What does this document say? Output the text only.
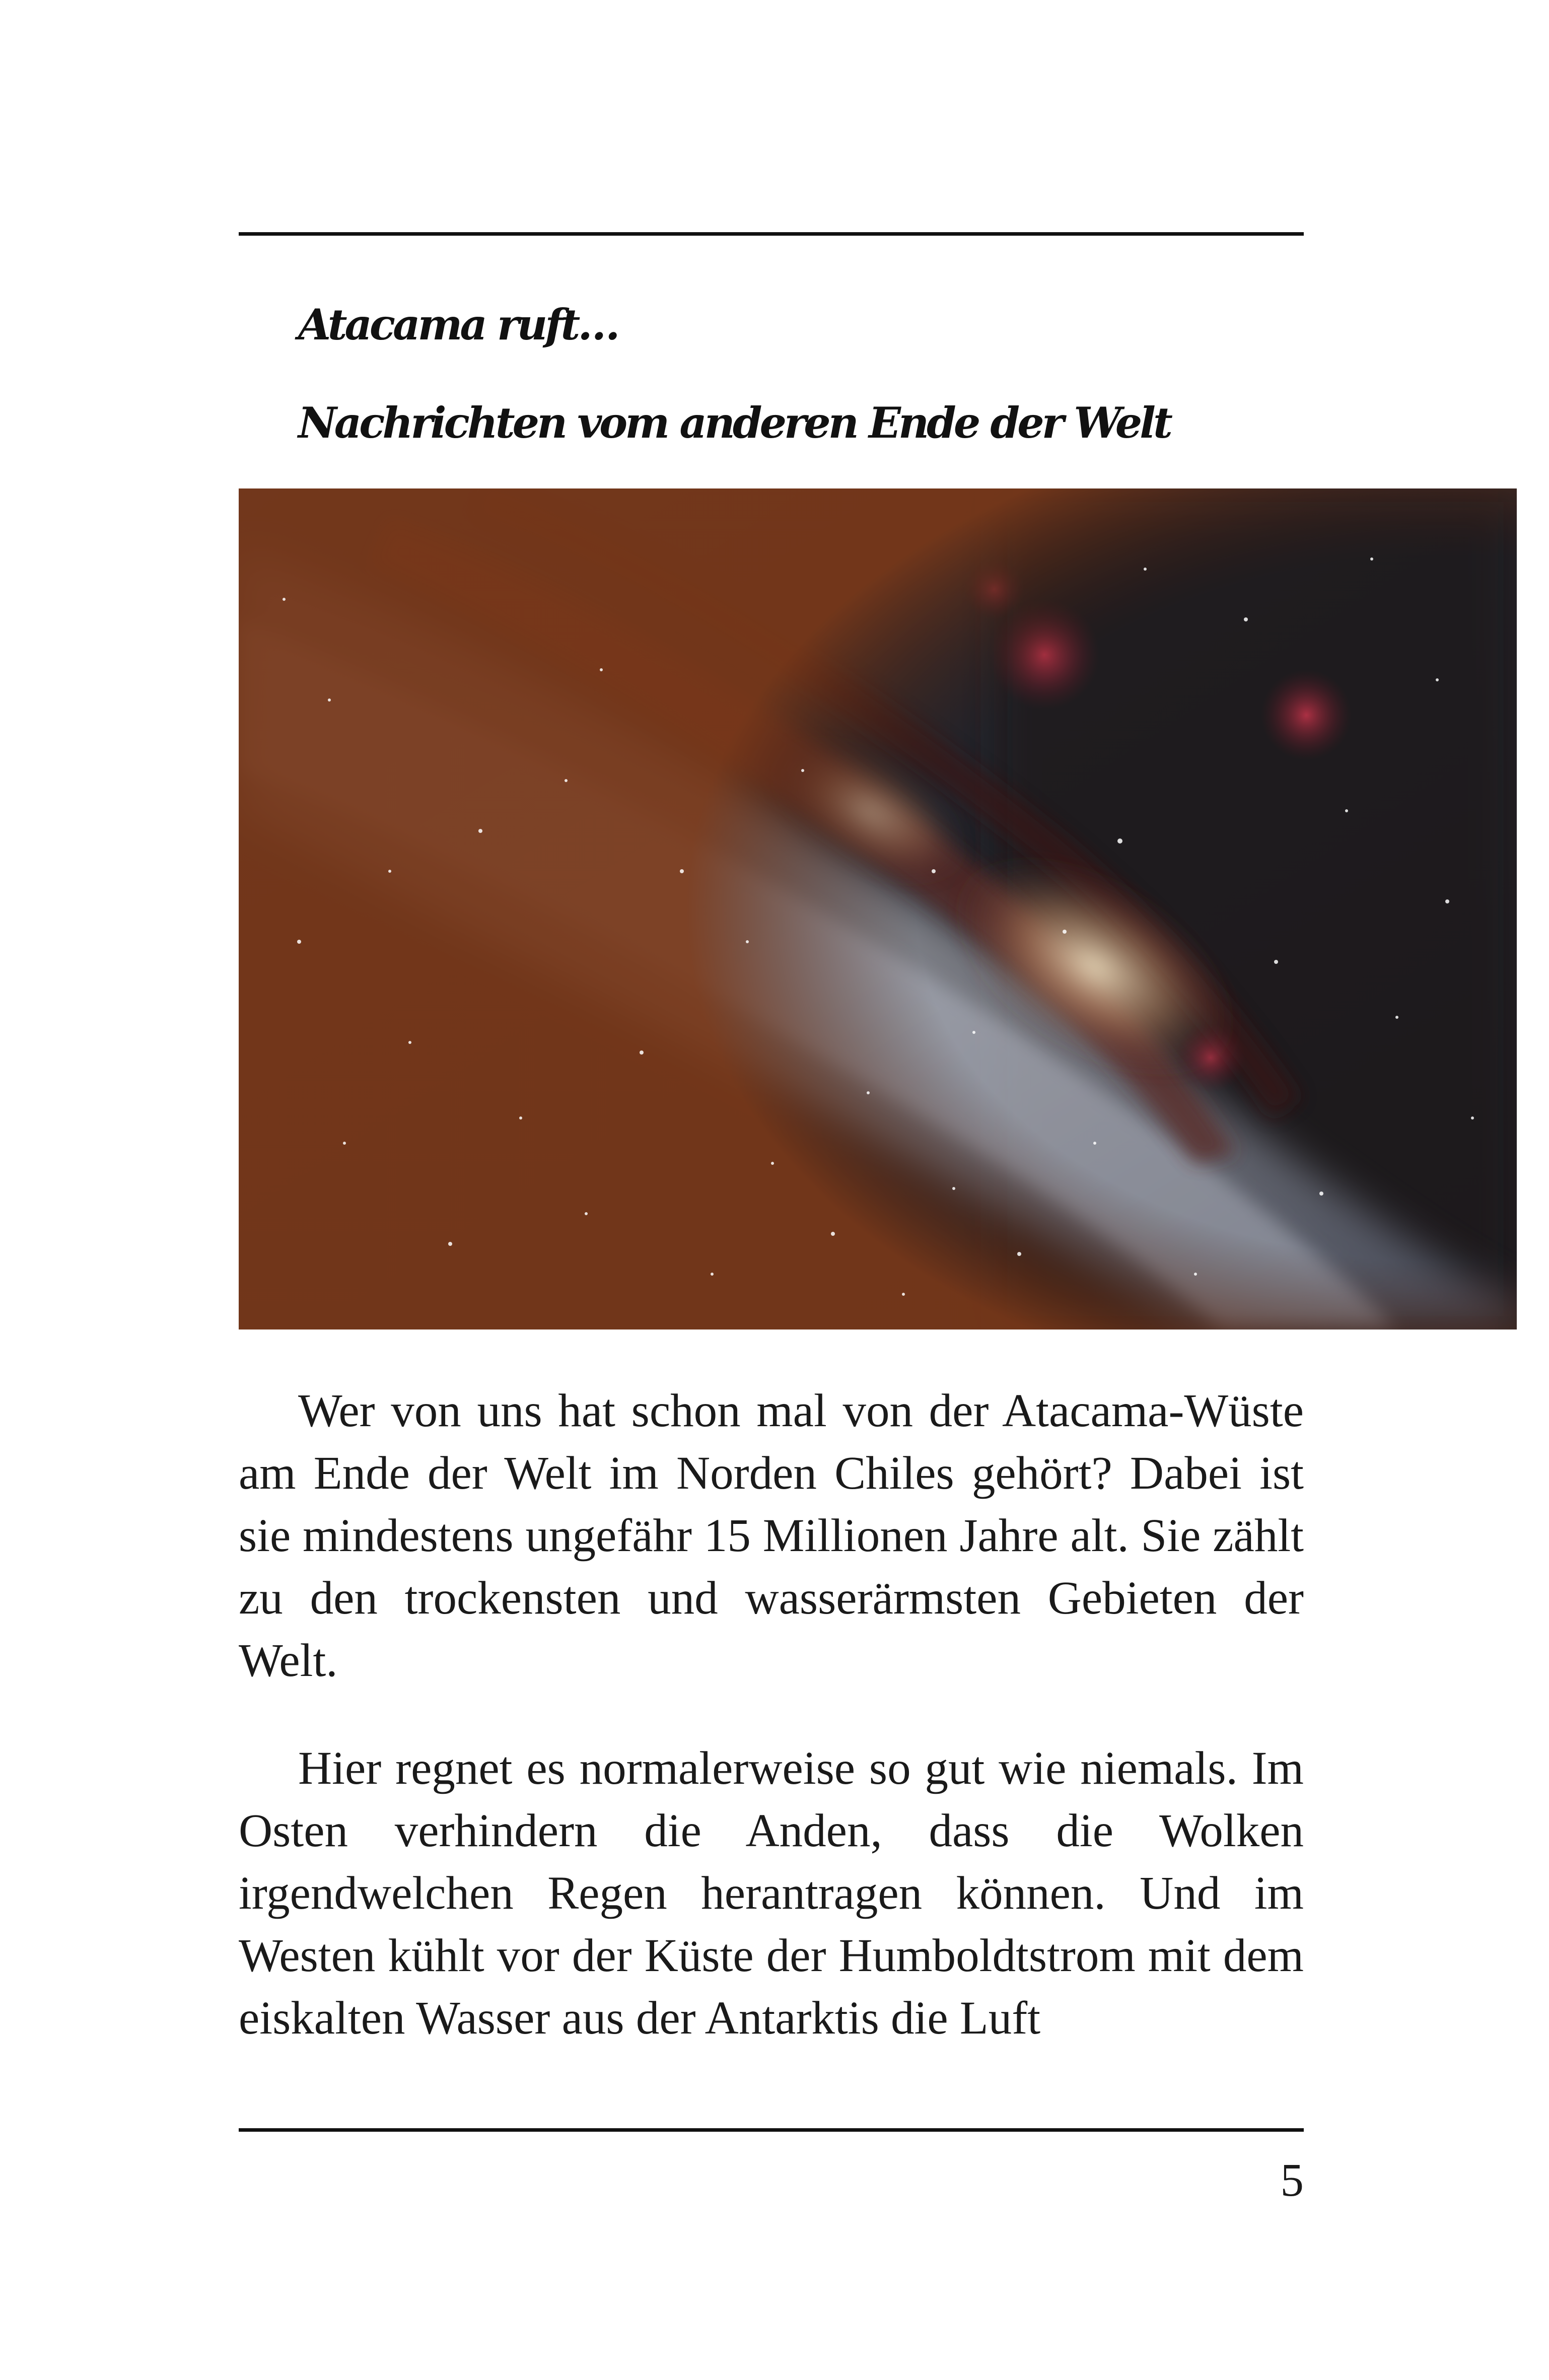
Atacama ruft…
Nachrichten vom anderen Ende der Welt

Wer von uns hat schon mal von der Atacama-Wüste am Ende der Welt im Norden Chiles gehört? Dabei ist sie mindestens ungefähr 15 Millionen Jahre alt. Sie zählt zu den trockensten und wasserärmsten Gebieten der Welt.

Hier regnet es normalerweise so gut wie niemals. Im Osten verhindern die Anden, dass die Wolken irgendwelchen Regen herantragen können. Und im Westen kühlt vor der Küste der Humboldtstrom mit dem eiskalten Wasser aus der Antarktis die Luft

5
